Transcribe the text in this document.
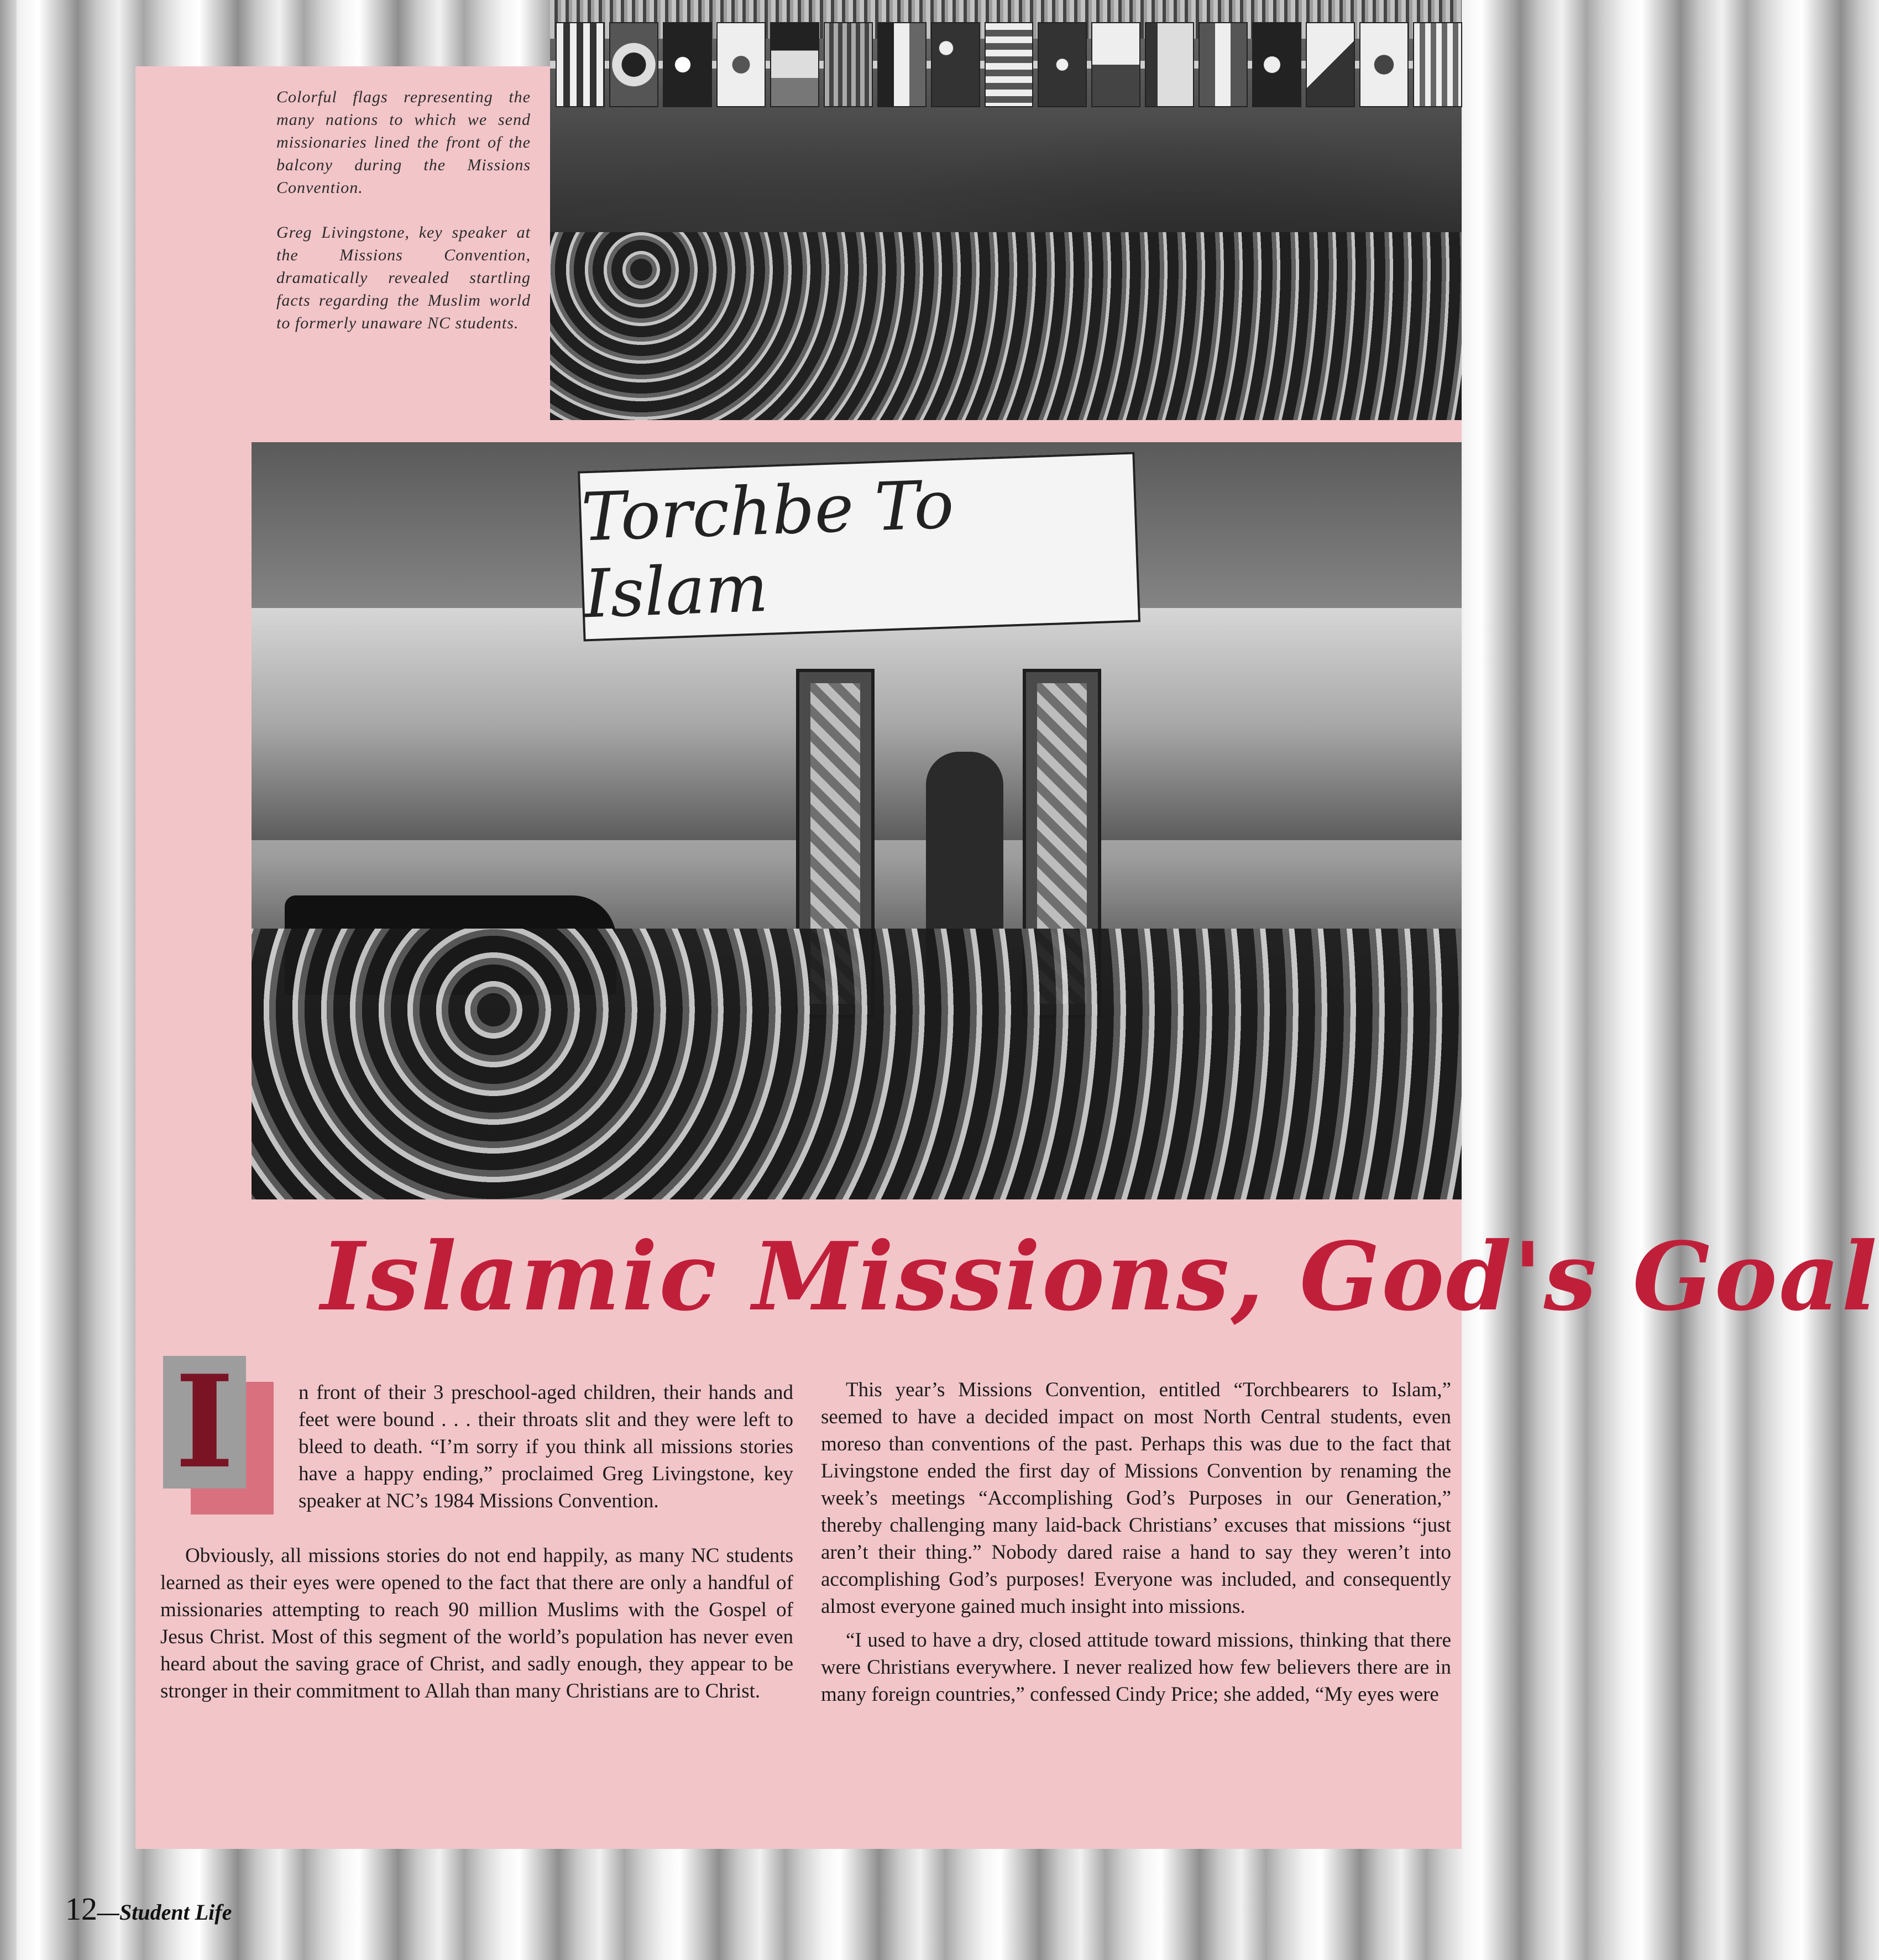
Colorful flags representing the many nations to which we send missionaries lined the front of the balcony during the Missions Convention.

Greg Livingstone, key speaker at the Missions Convention, dramatically revealed startling facts regarding the Muslim world to formerly unaware NC students.

Torchbe To Islam
Islamic Missions, God's Goal
I	n front of their 3 preschool-aged children, their hands and feet were bound . . . their throats slit and they were left to bleed to death. “I’m sorry if you think all missions stories have a happy ending,” proclaimed Greg Livingstone, key speaker at NC’s 1984 Missions Convention.

Obviously, all missions stories do not end happily, as many NC students learned as their eyes were opened to the fact that there are only a handful of missionaries attempting to reach 90 million Muslims with the Gospel of Jesus Christ. Most of this segment of the world’s population has never even heard about the saving grace of Christ, and sadly enough, they appear to be stronger in their commitment to Allah than many Christians are to Christ.

This year’s Missions Convention, entitled “Torchbearers to Islam,” seemed to have a decided impact on most North Central students, even moreso than conventions of the past. Perhaps this was due to the fact that Livingstone ended the first day of Missions Convention by renaming the week’s meetings “Accomplishing God’s Purposes in our Generation,” thereby challenging many laid-back Christians’ excuses that missions “just aren’t their thing.” Nobody dared raise a hand to say they weren’t into accomplishing God’s purposes! Everyone was included, and consequently almost everyone gained much insight into missions.

“I used to have a dry, closed attitude toward missions, thinking that there were Christians everywhere. I never realized how few believers there are in many foreign countries,” confessed Cindy Price; she added, “My eyes were

12—Student Life
